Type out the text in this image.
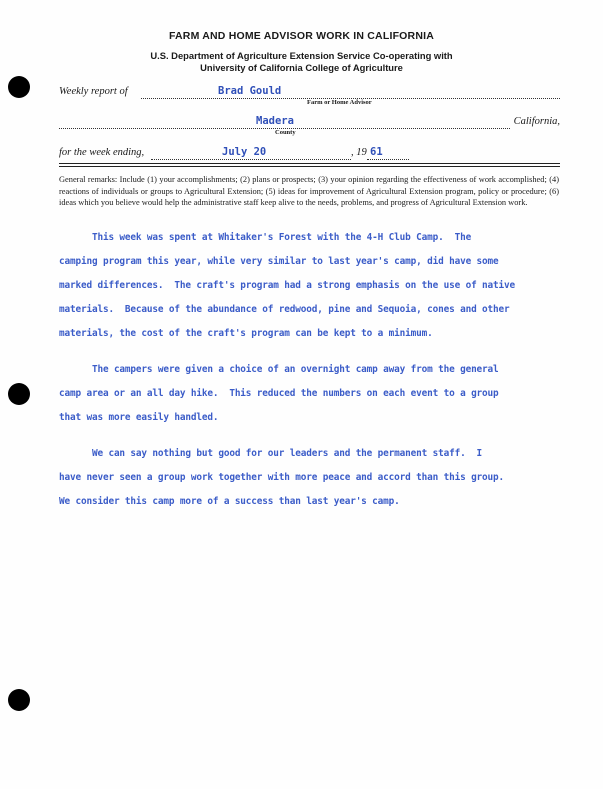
FARM AND HOME ADVISOR WORK IN CALIFORNIA
U.S. Department of Agriculture Extension Service Co-operating with
University of California College of Agriculture
Weekly report of	Brad Gould
Farm or Home Advisor
Madera
County
California,
for the week ending,	July 20	, 19 61
General remarks: Include (1) your accomplishments; (2) plans or prospects; (3) your opinion regarding the effectiveness of work accomplished; (4) reactions of individuals or groups to Agricultural Extension; (5) ideas for improvement of Agricultural Extension program, policy or procedure; (6) ideas which you believe would help the administrative staff keep alive to the needs, problems, and progress of Agricultural Extension work.
This week was spent at Whitaker's Forest with the 4-H Club Camp.  The
camping program this year, while very similar to last year's camp, did have some
marked differences.  The craft's program had a strong emphasis on the use of native
materials.  Because of the abundance of redwood, pine and Sequoia, cones and other
materials, the cost of the craft's program can be kept to a minimum.
The campers were given a choice of an overnight camp away from the general
camp area or an all day hike.  This reduced the numbers on each event to a group
that was more easily handled.
We can say nothing but good for our leaders and the permanent staff.  I
have never seen a group work together with more peace and accord than this group.
We consider this camp more of a success than last year's camp.
